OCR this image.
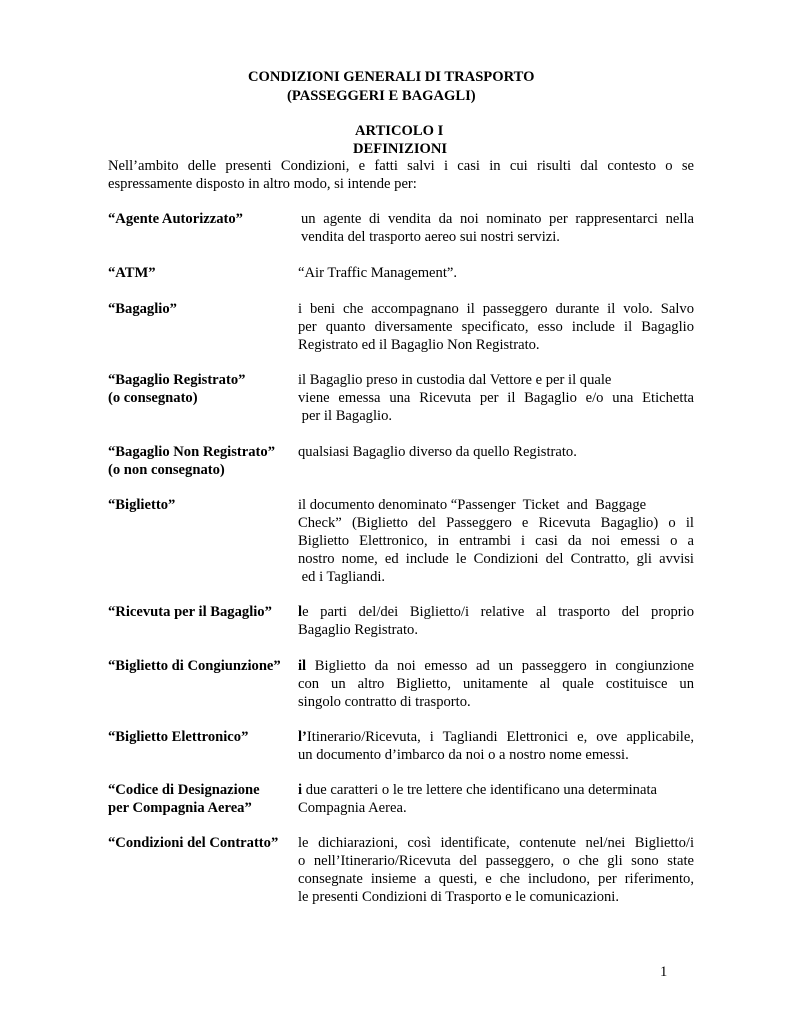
CONDIZIONI GENERALI DI TRASPORTO
(PASSEGGERI E BAGAGLI)
ARTICOLO I
DEFINIZIONI
Nell’ambito delle presenti Condizioni, e fatti salvi i casi in cui risulti dal contesto o se espressamente disposto in altro modo, si intende per:
“Agente Autorizzato”	un agente di vendita da noi nominato per rappresentarci nella
vendita del trasporto aereo sui nostri servizi.
“ATM”	“Air Traffic Management”.
“Bagaglio”	i beni che accompagnano il passeggero durante il volo. Salvo
per quanto diversamente specificato, esso include il Bagaglio
Registrato ed il Bagaglio Non Registrato.
“Bagaglio Registrato”
(o consegnato)
il Bagaglio preso in custodia dal Vettore e per il quale
viene emessa una Ricevuta per il Bagaglio e/o una Etichetta
per il Bagaglio.
“Bagaglio Non Registrato”
(o non consegnato)
qualsiasi Bagaglio diverso da quello Registrato.
“Biglietto”	il documento denominato “Passenger  Ticket  and  Baggage
Check” (Biglietto del Passeggero e Ricevuta Bagaglio) o il
Biglietto Elettronico, in entrambi i casi da noi emessi o a
nostro nome, ed include le Condizioni del Contratto, gli avvisi
ed i Tagliandi.
“Ricevuta per il Bagaglio” le parti del/dei Biglietto/i relative al trasporto del proprio
Bagaglio Registrato.
“Biglietto di Congiunzione” il Biglietto da noi emesso ad un passeggero in congiunzione
con un altro Biglietto, unitamente al quale costituisce un
singolo contratto di trasporto.
“Biglietto Elettronico”	l’Itinerario/Ricevuta, i Tagliandi Elettronici e, ove applicabile,
un documento d’imbarco da noi o a nostro nome emessi.
“Codice di Designazione
per Compagnia Aerea”
i due caratteri o le tre lettere che identificano una determinata
Compagnia Aerea.
“Condizioni del Contratto” le dichiarazioni, così identificate, contenute nel/nei Biglietto/i
o nell’Itinerario/Ricevuta del passeggero, o che gli sono state
consegnate insieme a questi, e che includono, per riferimento,
le presenti Condizioni di Trasporto e le comunicazioni.
1
